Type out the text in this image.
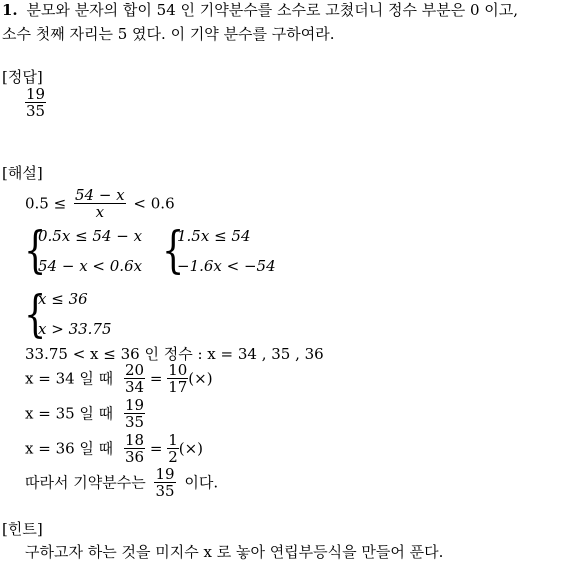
1. 분모와 분자의 합이 54 인 기약분수를 소수로 고쳤더니 정수 부분은 0 이고,
소수 첫째 자리는 5 였다. 이 기약 분수를 구하여라.
[정답]
$\frac{19}{35}$
[해설]
$0.5 \le \frac{54 - x}{x} < 0.6$
{
0.5x ≤ 54 − x
54 − x < 0.6x {
1.5x ≤ 54
−1.6x < −54
{
x ≤ 36
x > 33.75
33.75 < x ≤ 36 인 정수 : x = 34 , 35 , 36
x = 34 일 때 $\frac{20}{34} = \frac{10}{17}$ (×)
x = 35 일 때 $\frac{19}{35}$
x = 36 일 때 $\frac{18}{36} = \frac{1}{2}$ (×)
따라서 기약분수는 $\frac{19}{35}$ 이다.
[힌트]
구하고자 하는 것을 미지수 x 로 놓아 연립부등식을 만들어 푼다.
